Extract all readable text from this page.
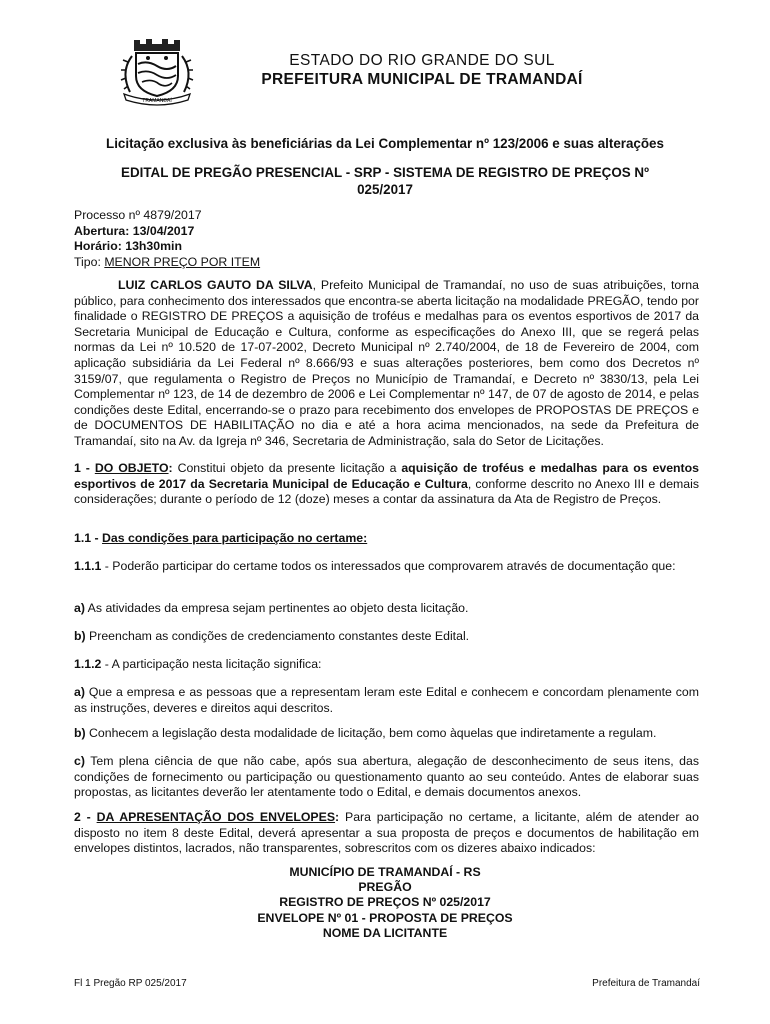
TRAMANDAÍ
ESTADO DO RIO GRANDE DO SUL
PREFEITURA MUNICIPAL DE TRAMANDAÍ
Licitação exclusiva às beneficiárias da Lei Complementar nº 123/2006 e suas alterações
EDITAL DE PREGÃO PRESENCIAL - SRP - SISTEMA DE REGISTRO DE PREÇOS Nº
025/2017
Processo nº 4879/2017
Abertura: 13/04/2017
Horário: 13h30min
Tipo: MENOR PREÇO POR ITEM

LUIZ CARLOS GAUTO DA SILVA, Prefeito Municipal de Tramandaí, no uso de suas atribuições, torna público, para conhecimento dos interessados que encontra-se aberta licitação na modalidade PREGÃO, tendo por finalidade o REGISTRO DE PREÇOS a aquisição de troféus e medalhas para os eventos esportivos de 2017 da Secretaria Municipal de Educação e Cultura, conforme as especificações do Anexo III, que se regerá pelas normas da Lei nº 10.520 de 17-07-2002, Decreto Municipal nº 2.740/2004, de 18 de Fevereiro de 2004, com aplicação subsidiária da Lei Federal nº 8.666/93 e suas alterações posteriores, bem como dos Decretos nº 3159/07, que regulamenta o Registro de Preços no Município de Tramandaí, e Decreto nº 3830/13, pela Lei Complementar nº 123, de 14 de dezembro de 2006 e Lei Complementar nº 147, de 07 de agosto de 2014, e pelas condições deste Edital, encerrando-se o prazo para recebimento dos envelopes de PROPOSTAS DE PREÇOS e de DOCUMENTOS DE HABILITAÇÃO no dia e até a hora acima mencionados, na sede da Prefeitura de Tramandaí, sito na Av. da Igreja nº 346, Secretaria de Administração, sala do Setor de Licitações.

1 - DO OBJETO: Constitui objeto da presente licitação a aquisição de troféus e medalhas para os eventos esportivos de 2017 da Secretaria Municipal de Educação e Cultura, conforme descrito no Anexo III e demais considerações; durante o período de 12 (doze) meses a contar da assinatura da Ata de Registro de Preços.

1.1 - Das condições para participação no certame:

1.1.1 - Poderão participar do certame todos os interessados que comprovarem através de documentação que:

a) As atividades da empresa sejam pertinentes ao objeto desta licitação.

b) Preencham as condições de credenciamento constantes deste Edital.

1.1.2 - A participação nesta licitação significa:

a) Que a empresa e as pessoas que a representam leram este Edital e conhecem e concordam plenamente com as instruções, deveres e direitos aqui descritos.

b) Conhecem a legislação desta modalidade de licitação, bem como àquelas que indiretamente a regulam.

c) Tem plena ciência de que não cabe, após sua abertura, alegação de desconhecimento de seus itens, das condições de fornecimento ou participação ou questionamento quanto ao seu conteúdo. Antes de elaborar suas propostas, as licitantes deverão ler atentamente todo o Edital, e demais documentos anexos.

2 - DA APRESENTAÇÃO DOS ENVELOPES: Para participação no certame, a licitante, além de atender ao disposto no item 8 deste Edital, deverá apresentar a sua proposta de preços e documentos de habilitação em envelopes distintos, lacrados, não transparentes, sobrescritos com os dizeres abaixo indicados:

MUNICÍPIO DE TRAMANDAÍ - RS
PREGÃO
REGISTRO DE PREÇOS Nº 025/2017
ENVELOPE Nº 01 - PROPOSTA DE PREÇOS
NOME DA LICITANTE
Fl 1 Pregão RP 025/2017	Prefeitura de Tramandaí
